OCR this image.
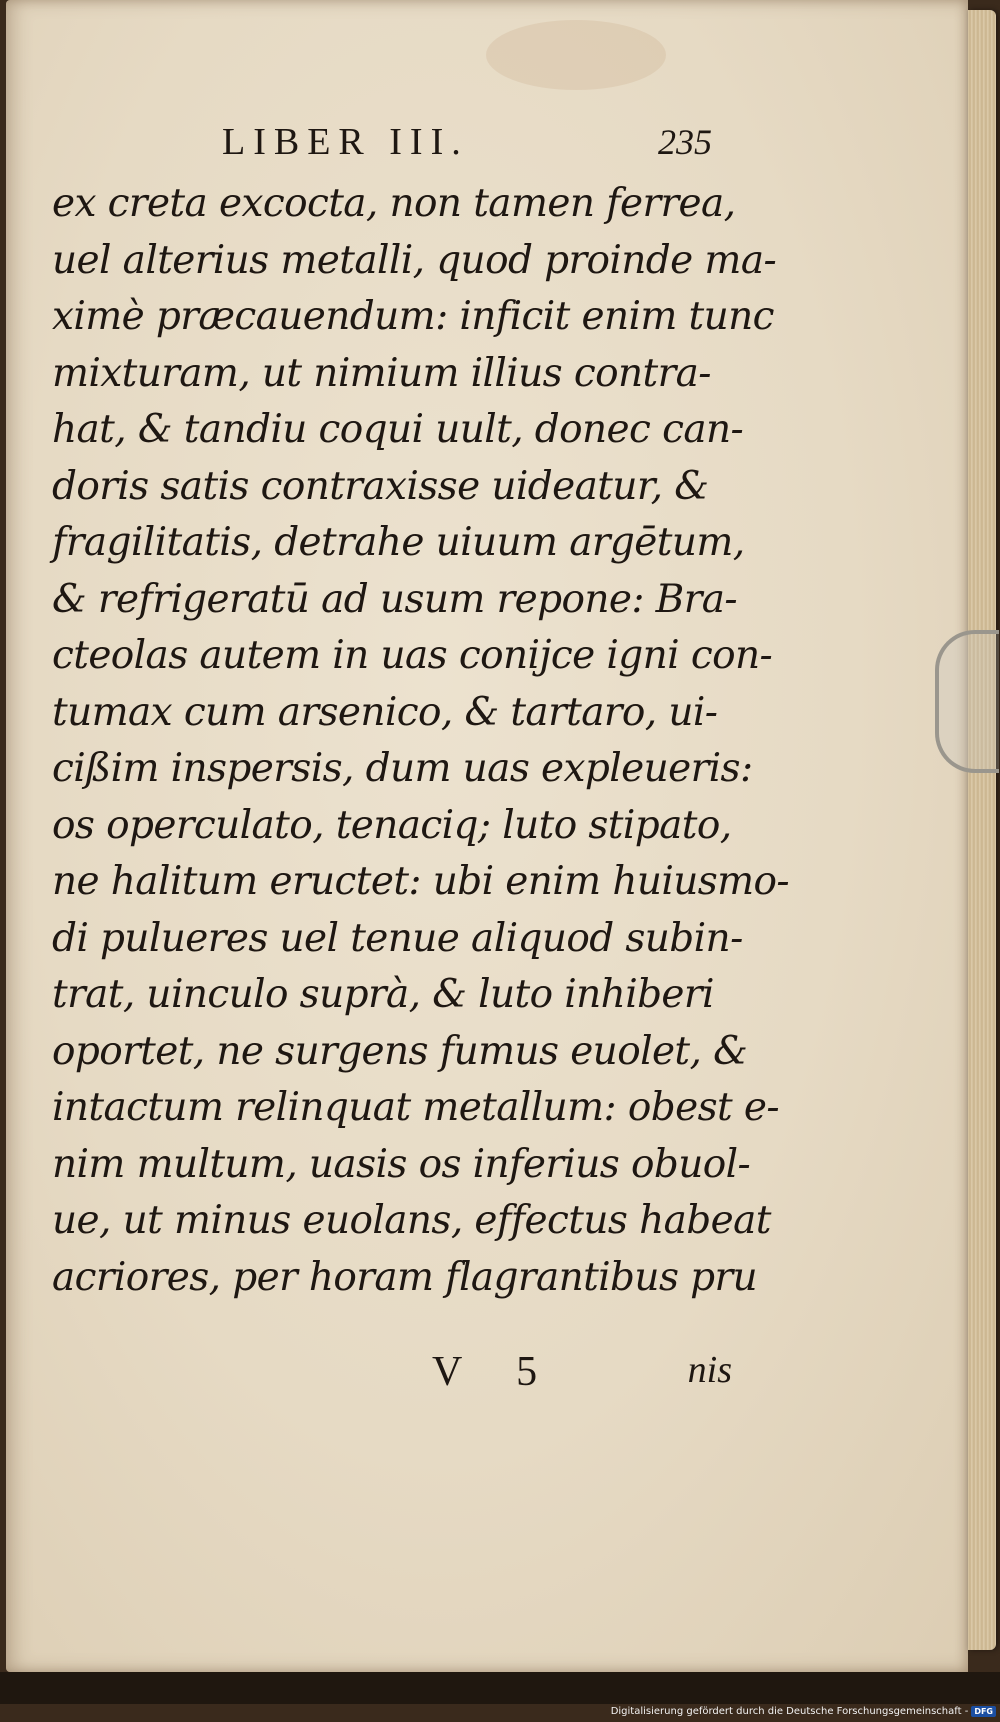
LIBER III.	235
ex creta excocta, non tamen ferrea,
uel alterius metalli, quod proinde ma-
ximè præcauendum: inficit enim tunc
mixturam, ut nimium illius contra-
hat, & tandiu coqui uult, donec can-
doris satis contraxisse uideatur, &
fragilitatis, detrahe uiuum argētum,
& refrigeratū ad usum repone: Bra-
cteolas autem in uas conijce igni con-
tumax cum arsenico, & tartaro, ui-
cißim inspersis, dum uas expleueris:
os operculato, tenaciq; luto stipato,
ne halitum eructet: ubi enim huiusmo-
di pulueres uel tenue aliquod subin-
trat, uinculo suprà, & luto inhiberi
oportet, ne surgens fumus euolet, &
intactum relinquat metallum: obest e-
nim multum, uasis os inferius obuol-
ue, ut minus euolans, effectus habeat
acriores, per horam flagrantibus pru
V 5	nis
Digitalisierung gefördert durch die Deutsche Forschungsgemeinschaft - DFG
